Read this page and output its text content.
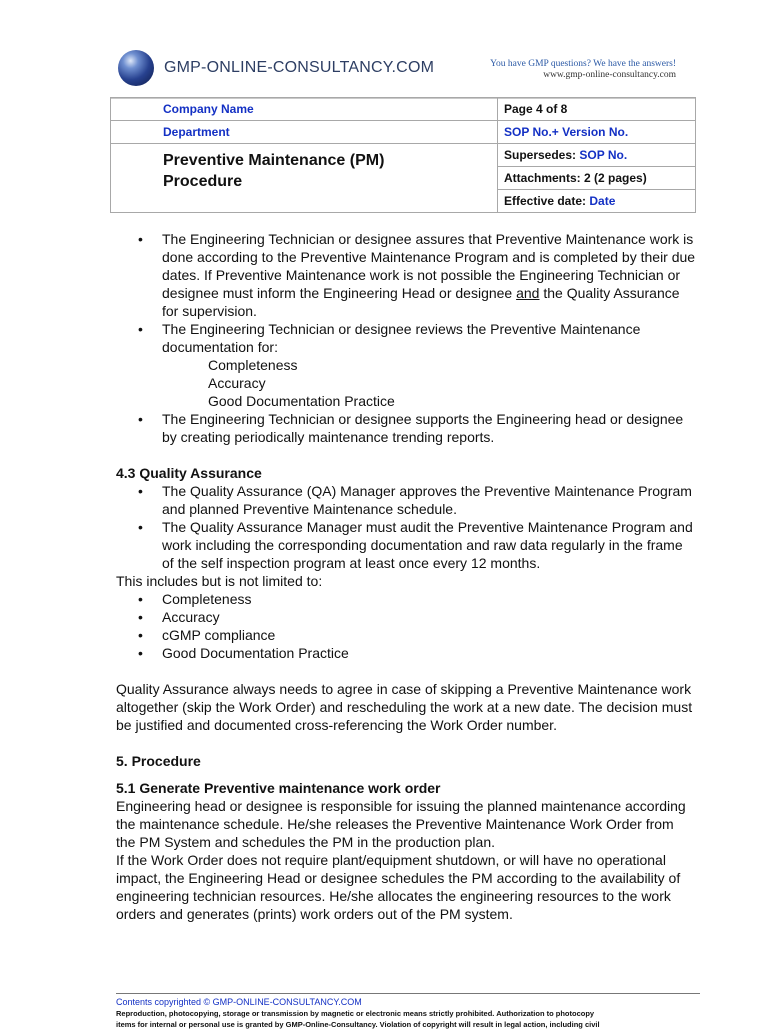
GMP-ONLINE-CONSULTANCY.COM	You have GMP questions? We have the answers!
www.gmp-online-consultancy.com
Company Name	Page 4 of 8
Department	SOP No.+ Version No.

Preventive Maintenance (PM)
Procedure	Supersedes: SOP No.
	Attachments: 2 (2 pages)
	Effective date: Date
• The Engineering Technician or designee assures that Preventive Maintenance work is done according to the Preventive Maintenance Program and is completed by their due dates. If Preventive Maintenance work is not possible the Engineering Technician or designee must inform the Engineering Head or designee and the Quality Assurance for supervision.
• The Engineering Technician or designee reviews the Preventive Maintenance documentation for:
Completeness
Accuracy
Good Documentation Practice
• The Engineering Technician or designee supports the Engineering head or designee by creating periodically maintenance trending reports.
4.3 Quality Assurance
• The Quality Assurance (QA) Manager approves the Preventive Maintenance Program and planned Preventive Maintenance schedule.
• The Quality Assurance Manager must audit the Preventive Maintenance Program and work including the corresponding documentation and raw data regularly in the frame of the self inspection program at least once every 12 months.
This includes but is not limited to:
• Completeness
• Accuracy
• cGMP compliance
• Good Documentation Practice
Quality Assurance always needs to agree in case of skipping a Preventive Maintenance work altogether (skip the Work Order) and rescheduling the work at a new date. The decision must be justified and documented cross-referencing the Work Order number.
5. Procedure
5.1 Generate Preventive maintenance work order
Engineering head or designee is responsible for issuing the planned maintenance according the maintenance schedule. He/she releases the Preventive Maintenance Work Order from the PM System and schedules the PM in the production plan.
If the Work Order does not require plant/equipment shutdown, or will have no operational impact, the Engineering Head or designee schedules the PM according to the availability of engineering technician resources. He/she allocates the engineering resources to the work orders and generates (prints) work orders out of the PM system.
Contents copyrighted © GMP-ONLINE-CONSULTANCY.COM
Reproduction, photocopying, storage or transmission by magnetic or electronic means strictly prohibited. Authorization to photocopy
items for internal or personal use is granted by GMP-Online-Consultancy. Violation of copyright will result in legal action, including civil
